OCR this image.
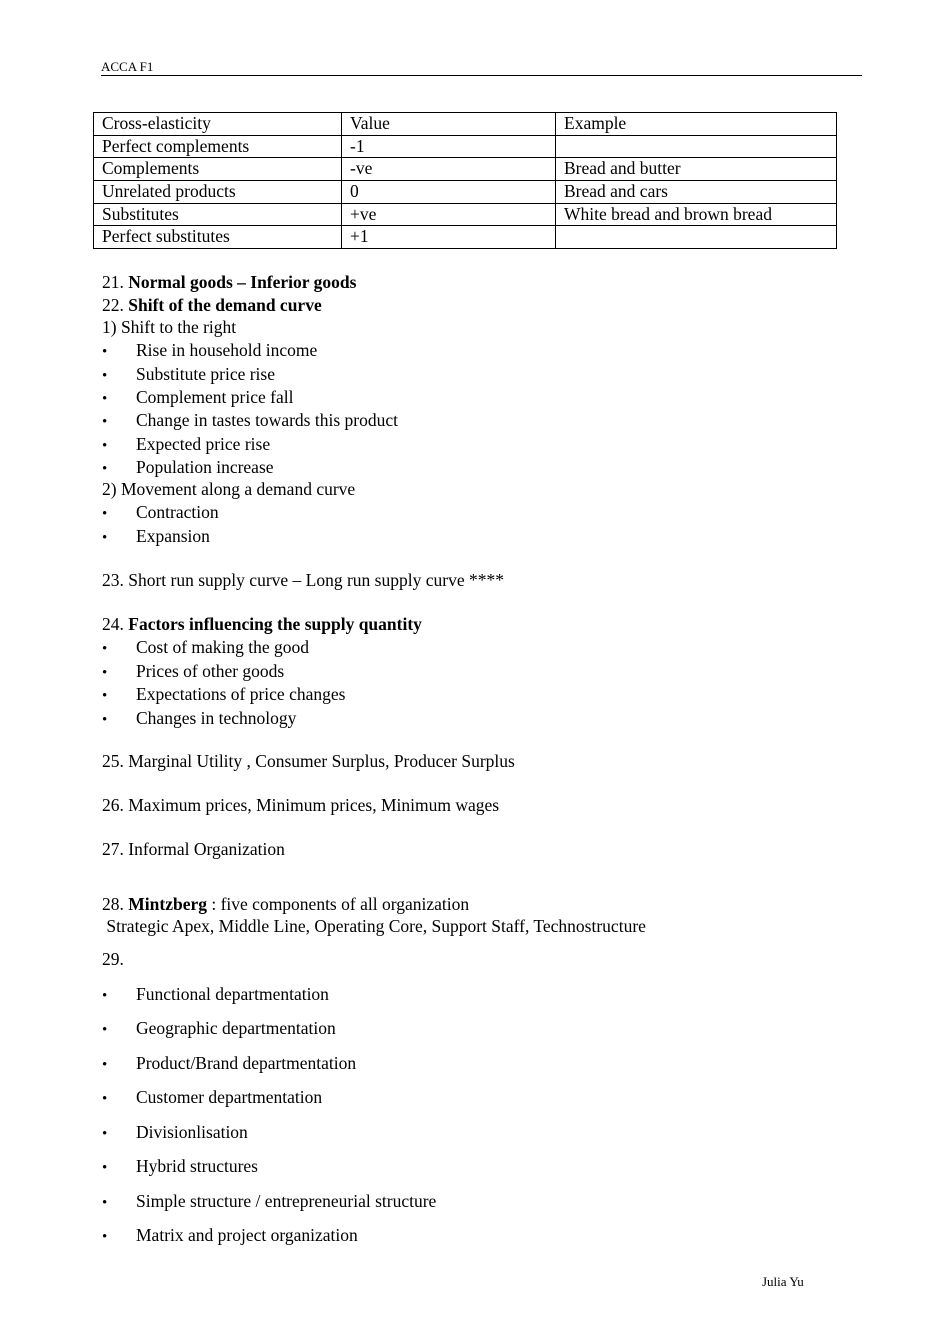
ACCA F1
Cross-elasticity	Value	Example
Perfect complements	-1	
Complements	-ve	Bread and butter
Unrelated products	0	Bread and cars
Substitutes	+ve	White bread and brown bread
Perfect substitutes	+1	
21. Normal goods – Inferior goods
22. Shift of the demand curve
1) Shift to the right
•Rise in household income
•Substitute price rise
•Complement price fall
•Change in tastes towards this product
•Expected price rise
•Population increase
2) Movement along a demand curve
•Contraction
•Expansion
23. Short run supply curve – Long run supply curve ****
24. Factors influencing the supply quantity
•Cost of making the good
•Prices of other goods
•Expectations of price changes
•Changes in technology
25. Marginal Utility , Consumer Surplus, Producer Surplus
26. Maximum prices, Minimum prices, Minimum wages
27. Informal Organization
28. Mintzberg : five components of all organization
Strategic Apex, Middle Line, Operating Core, Support Staff, Technostructure
29.
•Functional departmentation
•Geographic departmentation
•Product/Brand departmentation
•Customer departmentation
•Divisionlisation
•Hybrid structures
•Simple structure / entrepreneurial structure
•Matrix and project organization
Julia Yu
